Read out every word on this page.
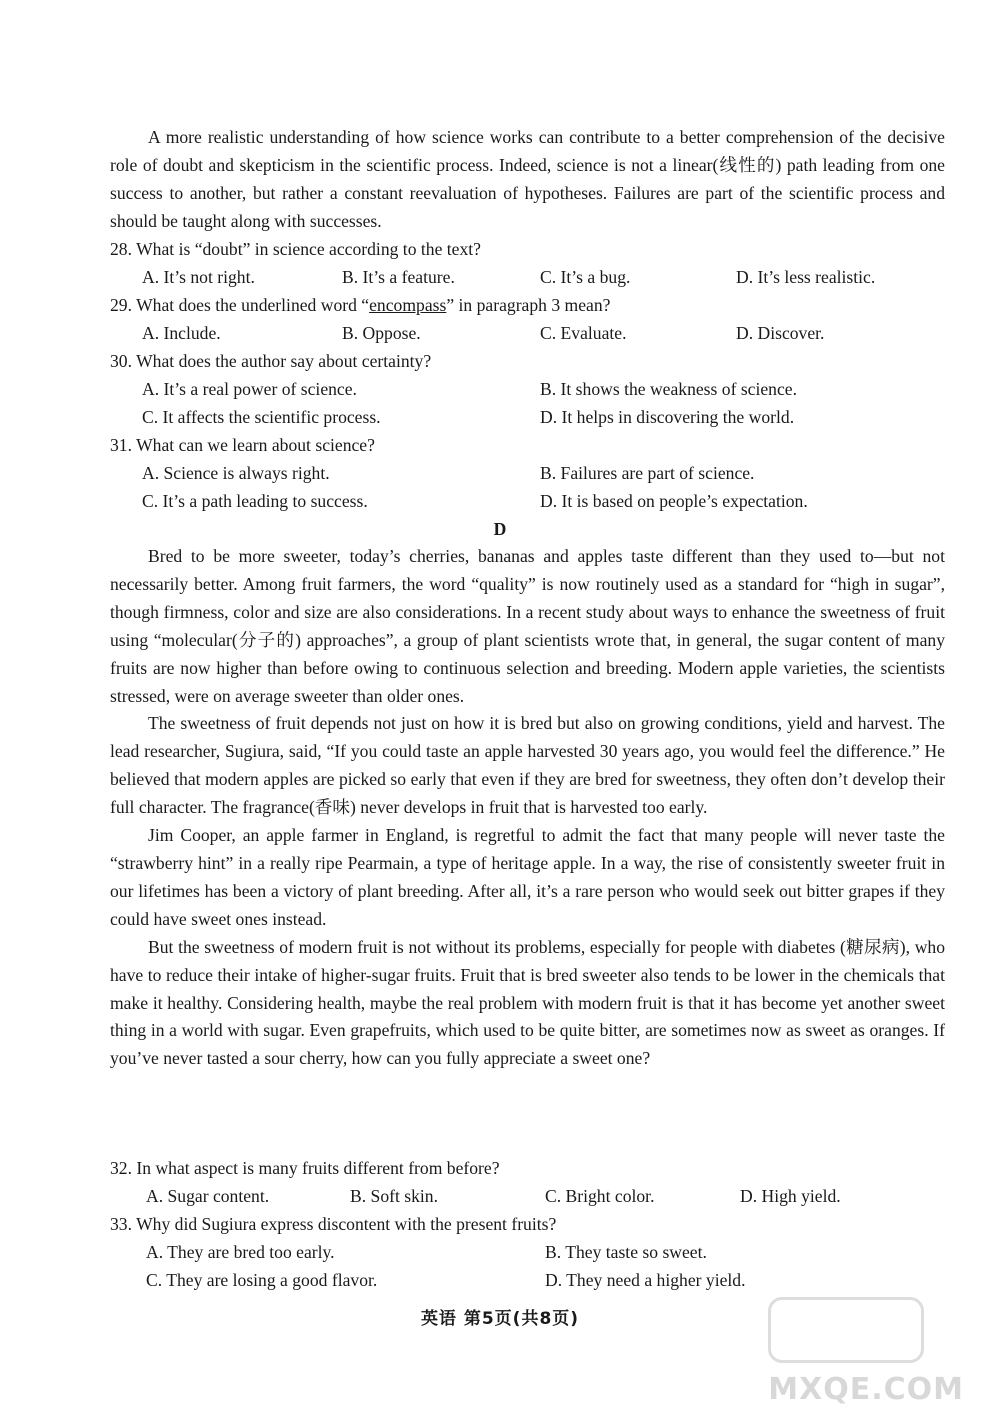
A more realistic understanding of how science works can contribute to a better comprehension of the decisive role of doubt and skepticism in the scientific process. Indeed, science is not a linear(线性的) path leading from one success to another, but rather a constant reevaluation of hypotheses. Failures are part of the scientific process and should be taught along with successes.

28. What is “doubt” in science according to the text?
A. It’s not right.	B. It’s a feature.	C. It’s a bug.	D. It’s less realistic.
29. What does the underlined word “encompass” in paragraph 3 mean?
A. Include.	B. Oppose.	C. Evaluate.	D. Discover.
30. What does the author say about certainty?
A. It’s a real power of science.	B. It shows the weakness of science.
C. It affects the scientific process.	D. It helps in discovering the world.
31. What can we learn about science?
A. Science is always right.	B. Failures are part of science.
C. It’s a path leading to success.	D. It is based on people’s expectation.
D

Bred to be more sweeter, today’s cherries, bananas and apples taste different than they used to—but not necessarily better. Among fruit farmers, the word “quality” is now routinely used as a standard for “high in sugar”, though firmness, color and size are also considerations. In a recent study about ways to enhance the sweetness of fruit using “molecular(分子的) approaches”, a group of plant scientists wrote that, in general, the sugar content of many fruits are now higher than before owing to continuous selection and breeding. Modern apple varieties, the scientists stressed, were on average sweeter than older ones.

The sweetness of fruit depends not just on how it is bred but also on growing conditions, yield and harvest. The lead researcher, Sugiura, said, “If you could taste an apple harvested 30 years ago, you would feel the difference.” He believed that modern apples are picked so early that even if they are bred for sweetness, they often don’t develop their full character. The fragrance(香味) never develops in fruit that is harvested too early.

Jim Cooper, an apple farmer in England, is regretful to admit the fact that many people will never taste the “strawberry hint” in a really ripe Pearmain, a type of heritage apple. In a way, the rise of consistently sweeter fruit in our lifetimes has been a victory of plant breeding. After all, it’s a rare person who would seek out bitter grapes if they could have sweet ones instead.

But the sweetness of modern fruit is not without its problems, especially for people with diabetes (糖尿病), who have to reduce their intake of higher-sugar fruits. Fruit that is bred sweeter also tends to be lower in the chemicals that make it healthy. Considering health, maybe the real problem with modern fruit is that it has become yet another sweet thing in a world with sugar. Even grapefruits, which used to be quite bitter, are sometimes now as sweet as oranges. If you’ve never tasted a sour cherry, how can you fully appreciate a sweet one?

32. In what aspect is many fruits different from before?
A. Sugar content.	B. Soft skin.	C. Bright color.	D. High yield.
33. Why did Sugiura express discontent with the present fruits?
A. They are bred too early.	B. They taste so sweet.
C. They are losing a good flavor.	D. They need a higher yield.
英语 第5页(共8页)
MXQE.COM
